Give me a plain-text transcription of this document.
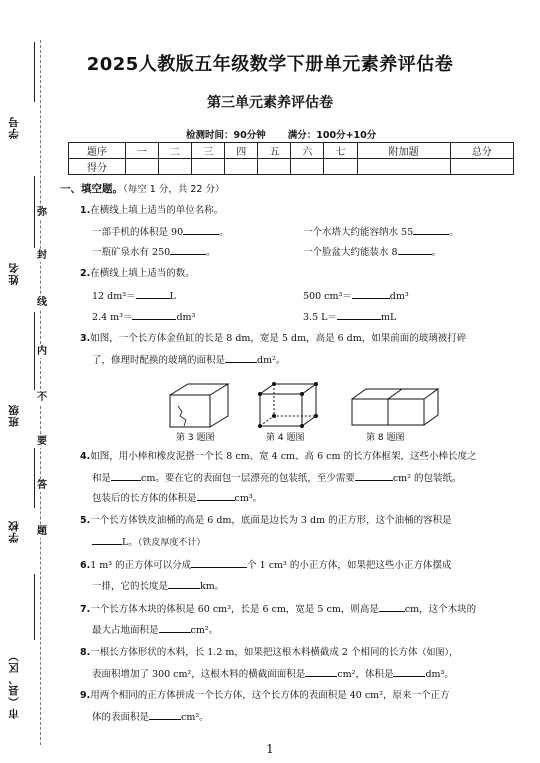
学号
姓名
班级
学校
市（县、区）
弥
封
线
内
不
要
答
题
2025人教版五年级数学下册单元素养评估卷
第三单元素养评估卷
检测时间：90分钟 满分：100分+10分
题序	一	二	三	四	五	六	七	附加题	总分
得分									
一、填空题。（每空 1 分，共 22 分）
1.在横线上填上适当的单位名称。
一部手机的体积是 90	。	一个水塔大约能容纳水 55	。
一瓶矿泉水有 250	。	一个脸盆大约能装水 8	。
2.在横线上填上适当的数。
12 dm³＝	L	500 cm³＝	dm³
2.4 m³＝	dm³	3.5 L＝	mL
3.如图，一个长方体金鱼缸的长是 8 dm，宽是 5 dm，高是 6 dm，如果前面的玻璃被打碎
了，修理时配换的玻璃的面积是	dm²。
第 3 题图	第 4 题图	第 8 题图
4.如图，用小棒和橡皮泥搭一个长 8 cm、宽 4 cm、高 6 cm 的长方体框架，这些小棒长度之
和是	cm。要在它的表面包一层漂亮的包装纸，至少需要	cm² 的包装纸。
包装后的长方体的体积是	cm³。
5.一个长方体铁皮油桶的高是 6 dm，底面是边长为 3 dm 的正方形，这个油桶的容积是
L。（铁皮厚度不计）
6.1 m³ 的正方体可以分成	个 1 cm³ 的小正方体，如果把这些小正方体摆成
一排，它的长度是	km。
7.一个长方体木块的体积是 60 cm³，长是 6 cm，宽是 5 cm，则高是	cm，这个木块的
最大占地面积是	cm²。
8.一根长方体形状的木料，长 1.2 m，如果把这根木料横截成 2 个相同的长方体（如图），
表面积增加了 300 cm²，这根木料的横截面面积是	cm²，体积是	dm³。
9.用两个相同的正方体拼成一个长方体，这个长方体的表面积是 40 cm²，原来一个正方
体的表面积是	cm²。
1
